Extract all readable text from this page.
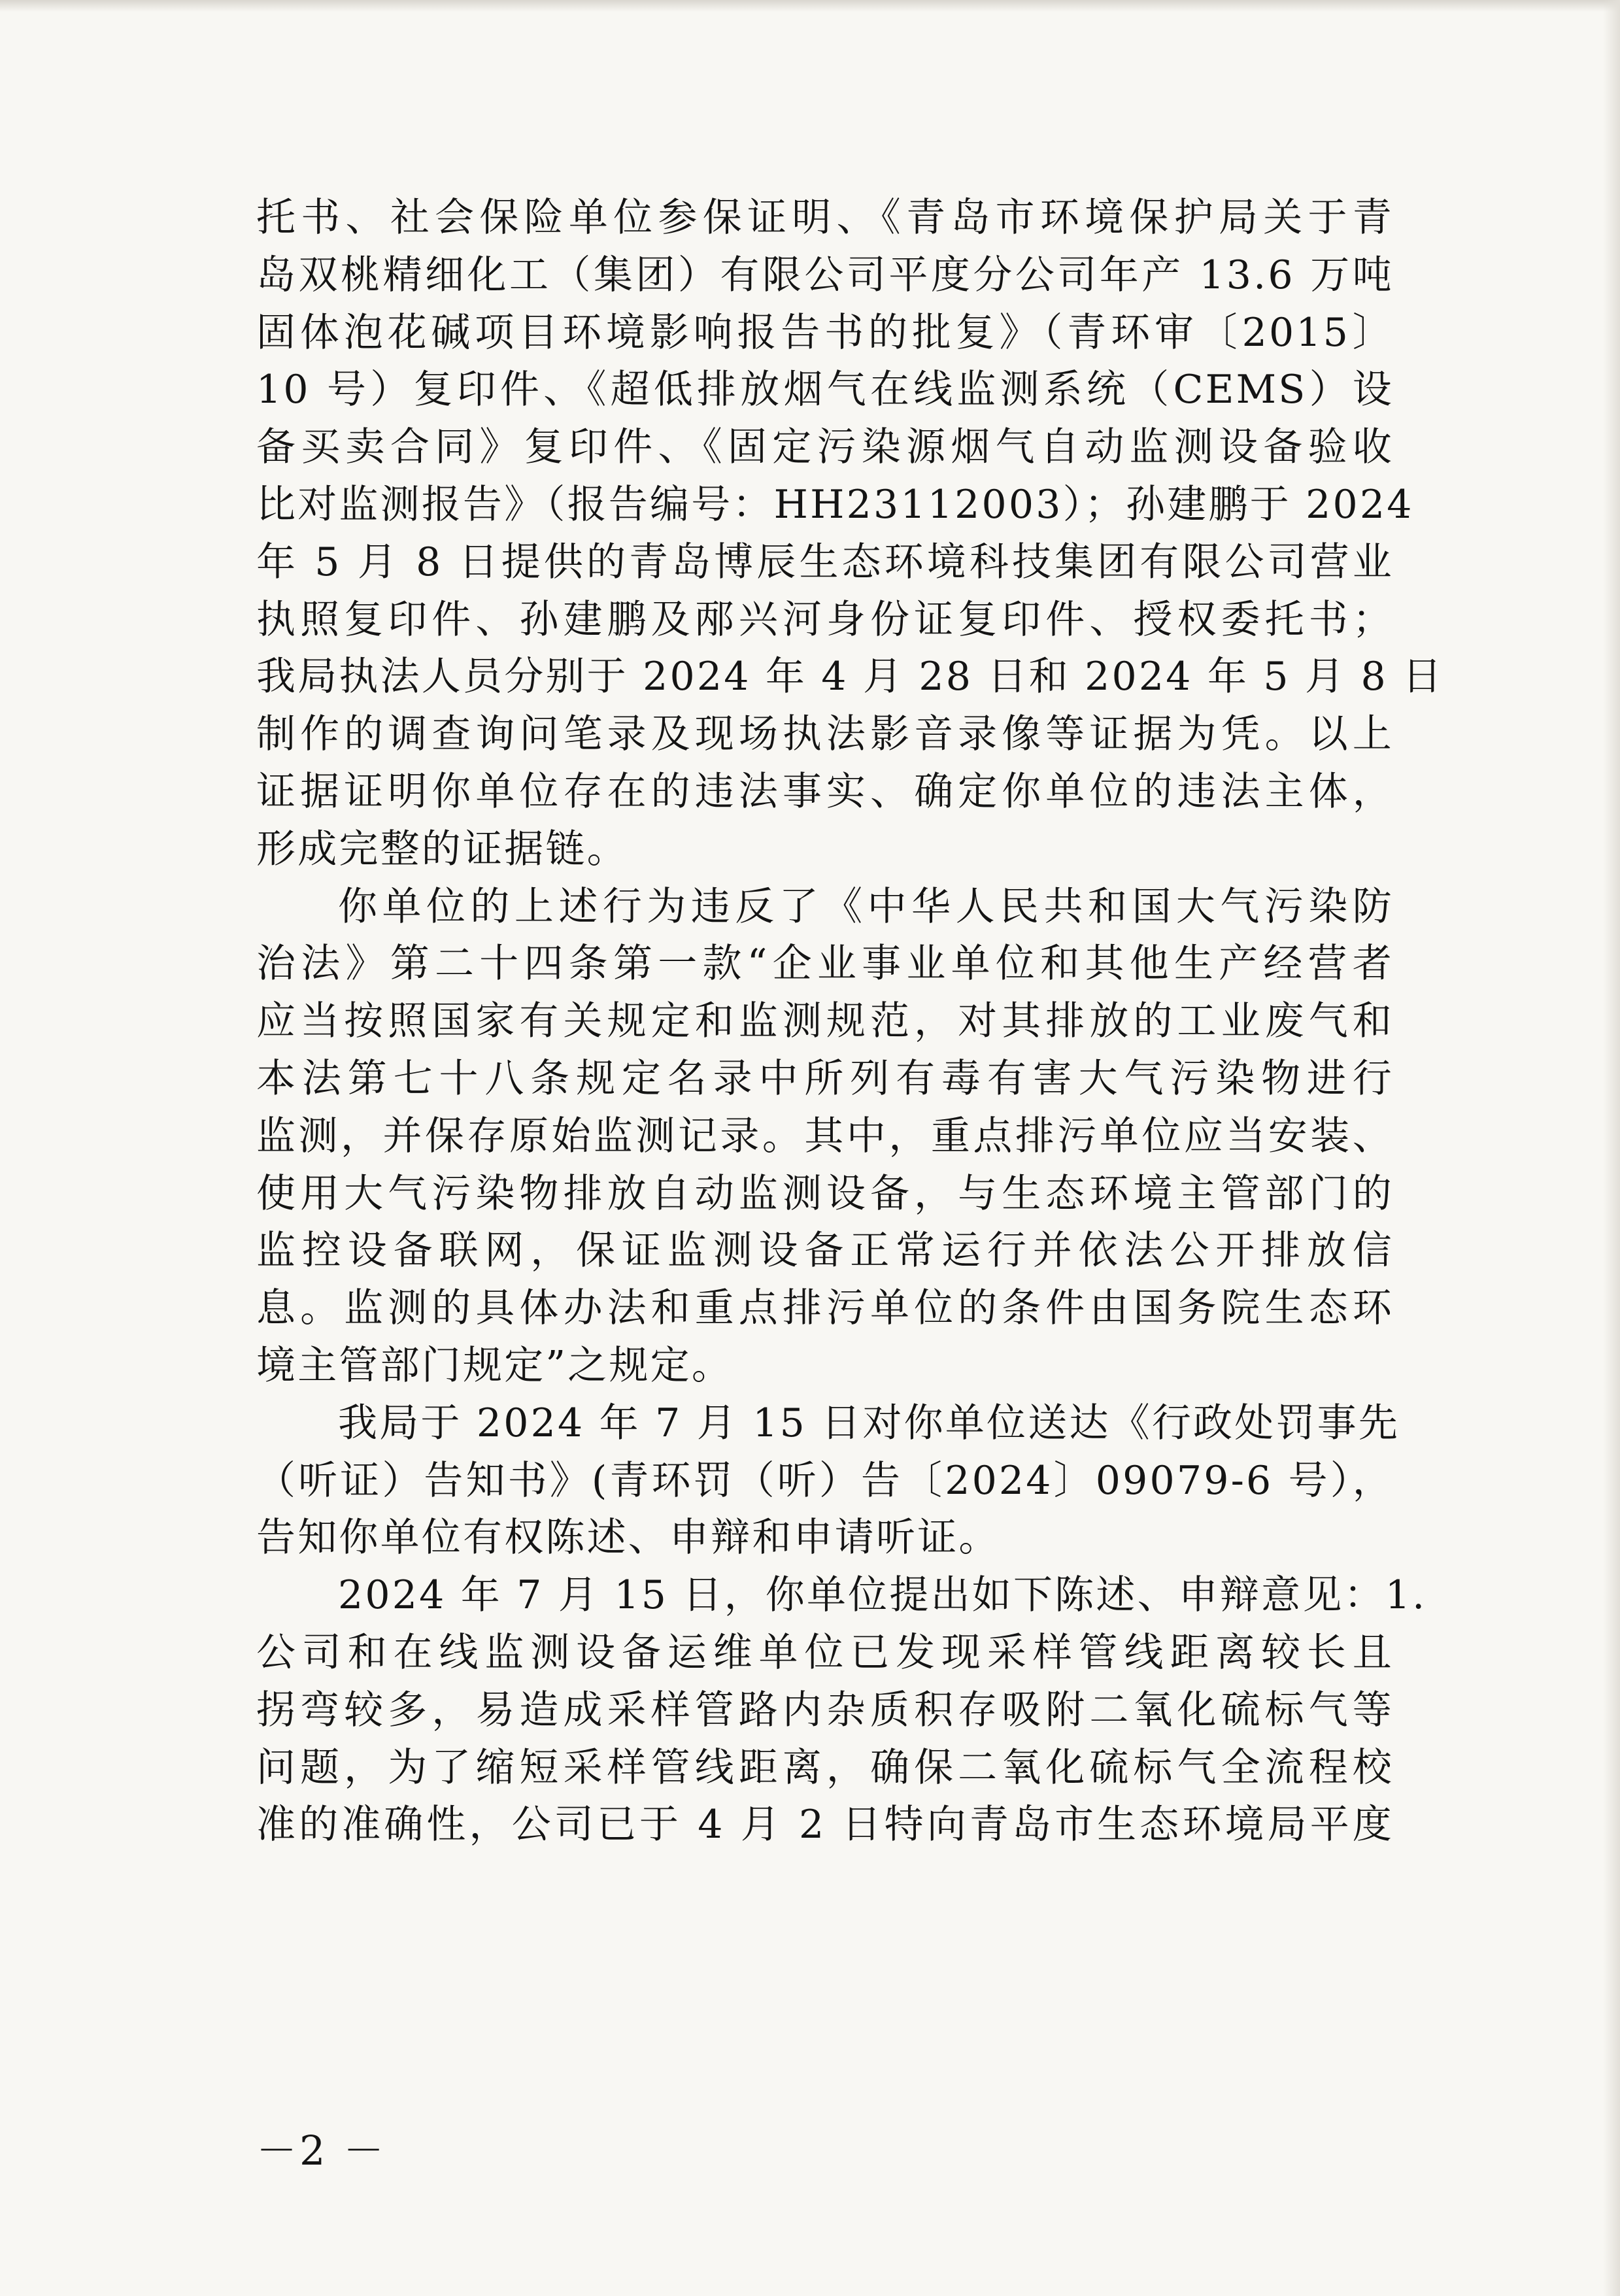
托书、社会保险单位参保证明、《青岛市环境保护局关于青
岛双桃精细化工（集团）有限公司平度分公司年产 13.6 万吨
固体泡花碱项目环境影响报告书的批复》（青环审〔2015〕
10 号）复印件、《超低排放烟气在线监测系统（CEMS）设
备买卖合同》复印件、《固定污染源烟气自动监测设备验收
比对监测报告》（报告编号：HH23112003）；孙建鹏于 2024
年 5 月 8 日提供的青岛博辰生态环境科技集团有限公司营业
执照复印件、孙建鹏及邴兴河身份证复印件、授权委托书；
我局执法人员分别于 2024 年 4 月 28 日和 2024 年 5 月 8 日
制作的调查询问笔录及现场执法影音录像等证据为凭。以上
证据证明你单位存在的违法事实、确定你单位的违法主体，
形成完整的证据链。

你单位的上述行为违反了《中华人民共和国大气污染防
治法》第二十四条第一款“企业事业单位和其他生产经营者
应当按照国家有关规定和监测规范，对其排放的工业废气和
本法第七十八条规定名录中所列有毒有害大气污染物进行
监测，并保存原始监测记录。其中，重点排污单位应当安装、
使用大气污染物排放自动监测设备，与生态环境主管部门的
监控设备联网，保证监测设备正常运行并依法公开排放信
息。监测的具体办法和重点排污单位的条件由国务院生态环
境主管部门规定”之规定。

我局于 2024 年 7 月 15 日对你单位送达《行政处罚事先
（听证）告知书》(青环罚（听）告〔2024〕09079-6 号），
告知你单位有权陈述、申辩和申请听证。

2024 年 7 月 15 日，你单位提出如下陈述、申辩意见：1.
公司和在线监测设备运维单位已发现采样管线距离较长且
拐弯较多，易造成采样管路内杂质积存吸附二氧化硫标气等
问题，为了缩短采样管线距离，确保二氧化硫标气全流程校
准的准确性，公司已于 4 月 2 日特向青岛市生态环境局平度

－2 －
